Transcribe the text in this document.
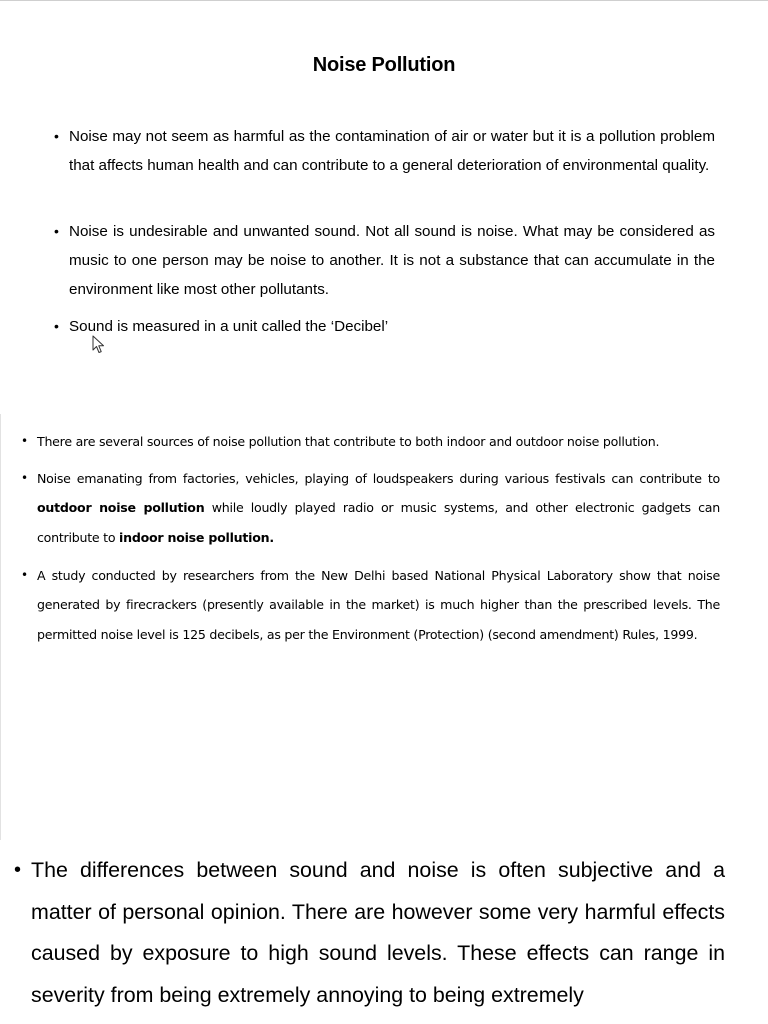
Noise Pollution
• Noise may not seem as harmful as the contamination of air or water but it is a pollution problem that affects human health and can contribute to a general deterioration of environmental quality.
• Noise is undesirable and unwanted sound. Not all sound is noise. What may be considered as music to one person may be noise to another. It is not a substance that can accumulate in the environment like most other pollutants.
• Sound is measured in a unit called the ‘Decibel’
• There are several sources of noise pollution that contribute to both indoor and outdoor noise pollution.
• Noise emanating from factories, vehicles, playing of loudspeakers during various festivals can contribute to outdoor noise pollution while loudly played radio or music systems, and other electronic gadgets can contribute to indoor noise pollution.
• A study conducted by researchers from the New Delhi based National Physical Laboratory show that noise generated by firecrackers (presently available in the market) is much higher than the prescribed levels. The permitted noise level is 125 decibels, as per the Environment (Protection) (second amendment) Rules, 1999.
• The differences between sound and noise is often subjective and a matter of personal opinion. There are however some very harmful effects caused by exposure to high sound levels. These effects can range in severity from being extremely annoying to being extremely
